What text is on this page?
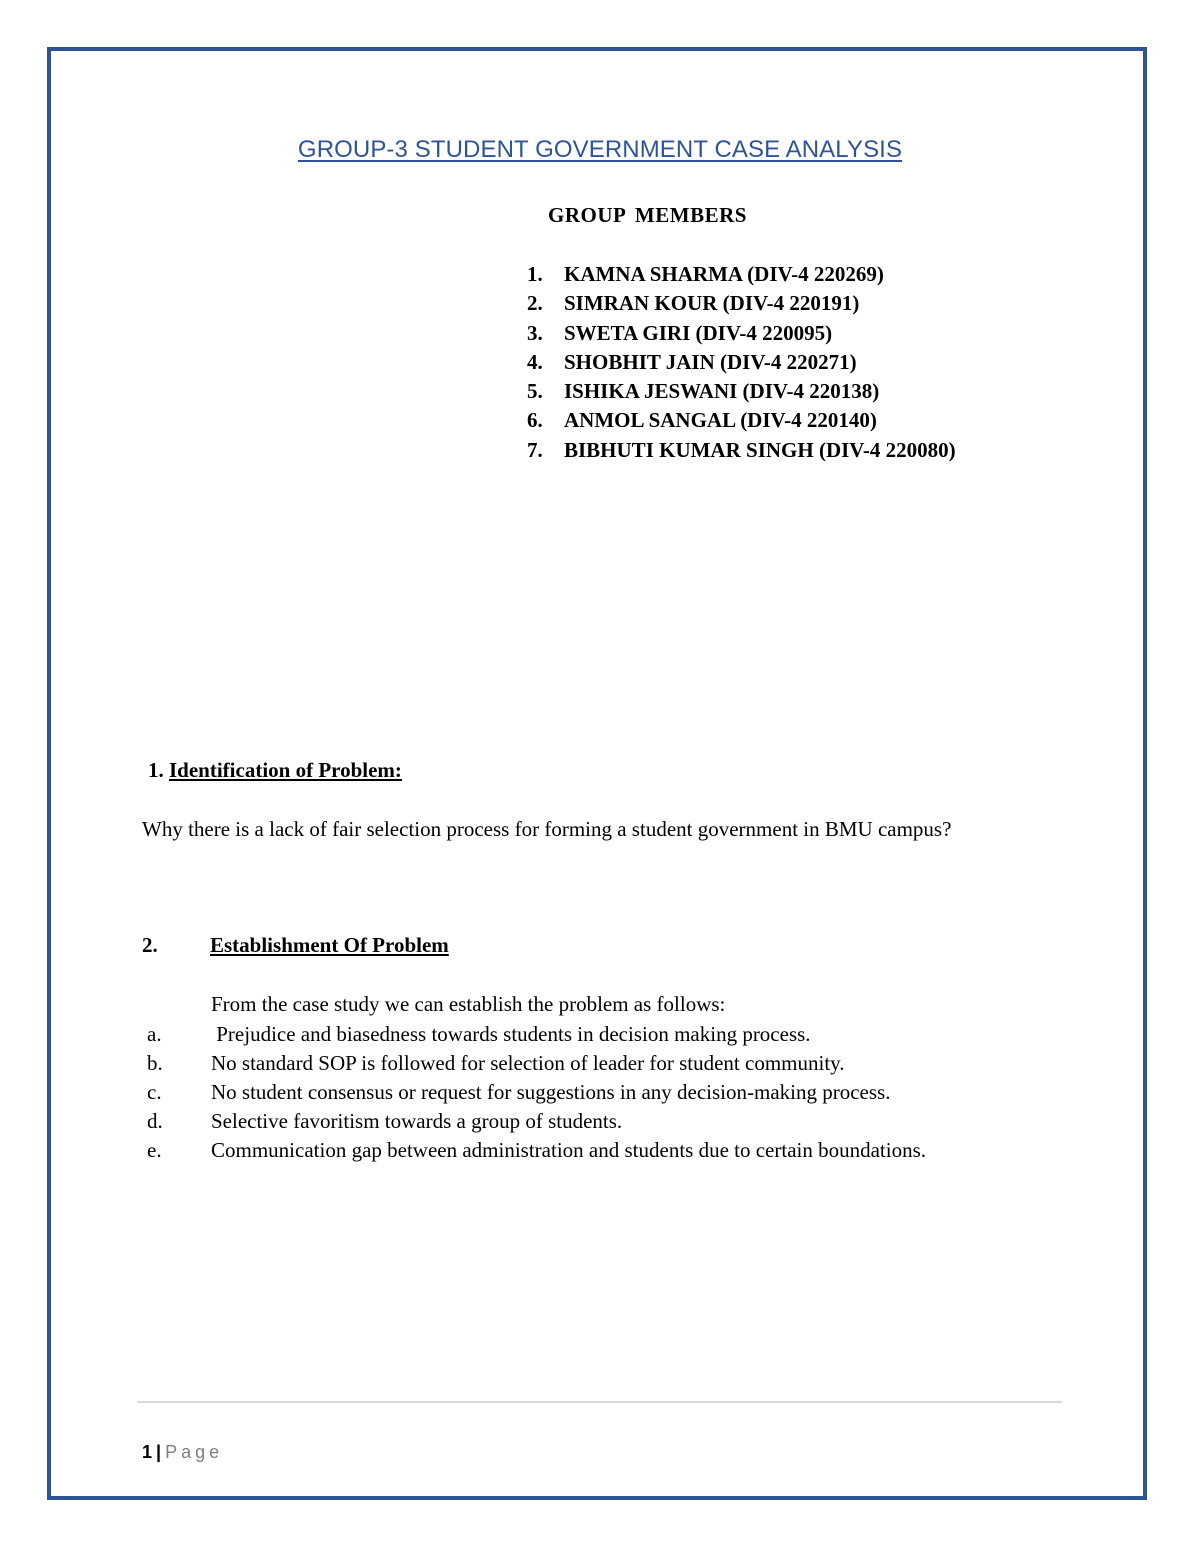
GROUP-3 STUDENT GOVERNMENT CASE ANALYSIS
GROUP MEMBERS
1. KAMNA SHARMA (DIV-4 220269)
2. SIMRAN KOUR (DIV-4 220191)
3. SWETA GIRI (DIV-4 220095)
4. SHOBHIT JAIN (DIV-4 220271)
5. ISHIKA JESWANI (DIV-4 220138)
6. ANMOL SANGAL (DIV-4 220140)
7. BIBHUTI KUMAR SINGH (DIV-4 220080)
1. Identification of Problem:

Why there is a lack of fair selection process for forming a student government in BMU campus?

2. Establishment Of Problem

From the case study we can establish the problem as follows:

a. Prejudice and biasedness towards students in decision making process.
b. No standard SOP is followed for selection of leader for student community.
c. No student consensus or request for suggestions in any decision-making process.
d. Selective favoritism towards a group of students.
e. Communication gap between administration and students due to certain boundations.
1 | Page
